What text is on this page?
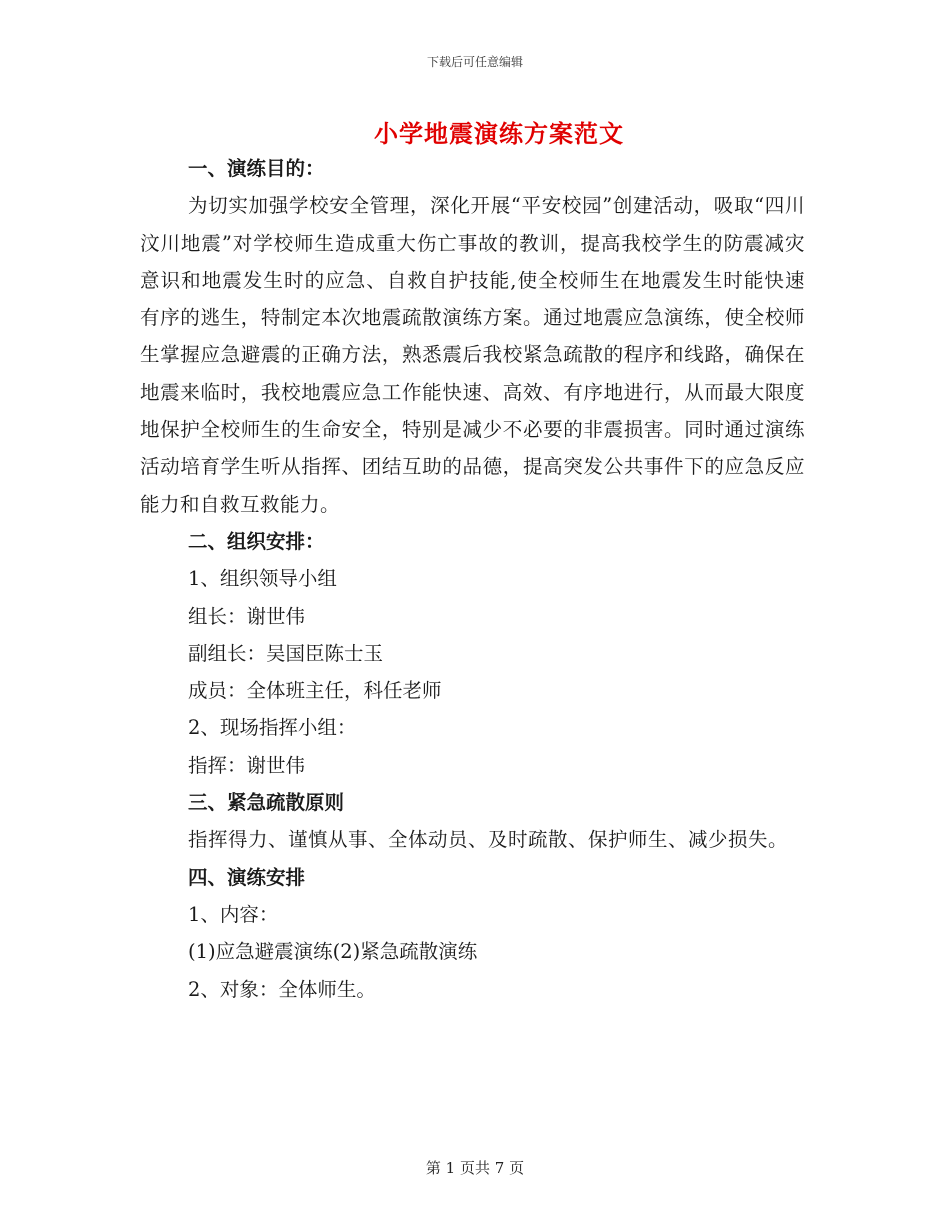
下载后可任意编辑
小学地震演练方案范文

一、演练目的：

为切实加强学校安全管理，深化开展“平安校园”创建活动，吸取“四川汶川地震”对学校师生造成重大伤亡事故的教训，提高我校学生的防震减灾意识和地震发生时的应急、自救自护技能,使全校师生在地震发生时能快速有序的逃生，特制定本次地震疏散演练方案。通过地震应急演练，使全校师生掌握应急避震的正确方法，熟悉震后我校紧急疏散的程序和线路，确保在地震来临时，我校地震应急工作能快速、高效、有序地进行，从而最大限度地保护全校师生的生命安全，特别是减少不必要的非震损害。同时通过演练活动培育学生听从指挥、团结互助的品德，提高突发公共事件下的应急反应能力和自救互救能力。

二、组织安排：

1、组织领导小组

组长：谢世伟

副组长：吴国臣陈士玉

成员：全体班主任，科任老师

2、现场指挥小组：

指挥：谢世伟

三、紧急疏散原则

指挥得力、谨慎从事、全体动员、及时疏散、保护师生、减少损失。

四、演练安排

1、内容：

(1)应急避震演练(2)紧急疏散演练

2、对象：全体师生。

第 1 页共 7 页
